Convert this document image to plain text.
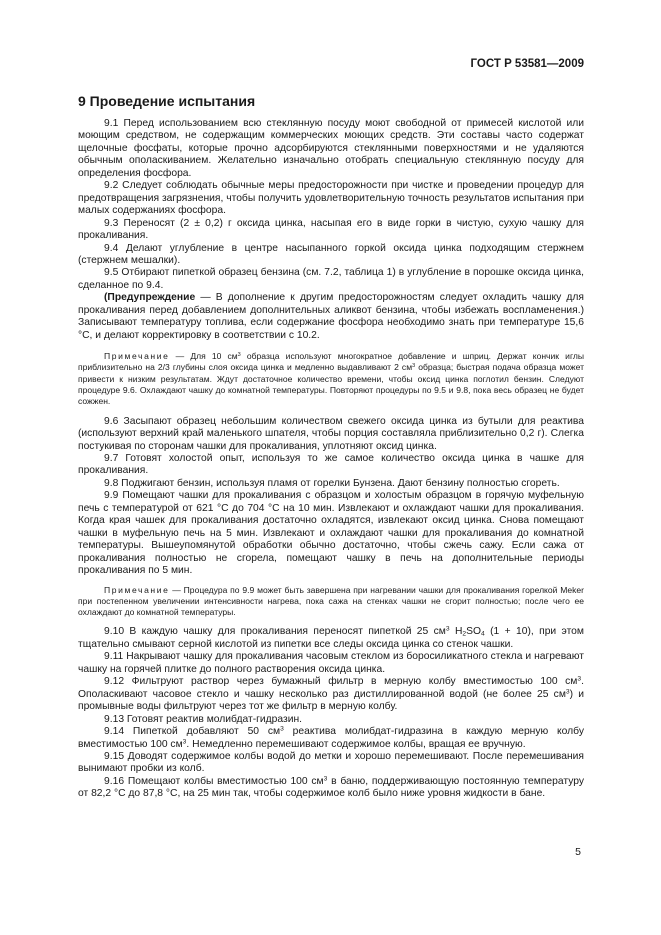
ГОСТ Р 53581—2009
9 Проведение испытания

9.1 Перед использованием всю стеклянную посуду моют свободной от примесей кислотой или моющим средством, не содержащим коммерческих моющих средств. Эти составы часто содержат щелочные фосфаты, которые прочно адсорбируются стеклянными поверхностями и не удаляются обычным ополаскиванием. Желательно изначально отобрать специальную стеклянную посуду для определения фосфора.

9.2 Следует соблюдать обычные меры предосторожности при чистке и проведении процедур для предотвращения загрязнения, чтобы получить удовлетворительную точность результатов испытания при малых содержаниях фосфора.

9.3 Переносят (2 ± 0,2) г оксида цинка, насыпая его в виде горки в чистую, сухую чашку для прокаливания.

9.4 Делают углубление в центре насыпанного горкой оксида цинка подходящим стержнем (стержнем мешалки).

9.5 Отбирают пипеткой образец бензина (см. 7.2, таблица 1) в углубление в порошке оксида цинка, сделанное по 9.4.

(Предупреждение — В дополнение к другим предосторожностям следует охладить чашку для прокаливания перед добавлением дополнительных аликвот бензина, чтобы избежать воспламенения.) Записывают температуру топлива, если содержание фосфора необходимо знать при температуре 15,6 °С, и делают корректировку в соответствии с 10.2.

Примечание — Для 10 $см^3$ образца используют многократное добавление и шприц. Держат кончик иглы приблизительно на 2/3 глубины слоя оксида цинка и медленно выдавливают 2 $см^3$ образца; быстрая подача образца может привести к низким результатам. Ждут достаточное количество времени, чтобы оксид цинка поглотил бензин. Следуют процедуре 9.6. Охлаждают чашку до комнатной температуры. Повторяют процедуры по 9.5 и 9.8, пока весь образец не будет сожжен.

9.6 Засыпают образец небольшим количеством свежего оксида цинка из бутыли для реактива (используют верхний край маленького шпателя, чтобы порция составляла приблизительно 0,2 г). Слегка постукивая по сторонам чашки для прокаливания, уплотняют оксид цинка.

9.7 Готовят холостой опыт, используя то же самое количество оксида цинка в чашке для прокаливания.

9.8 Поджигают бензин, используя пламя от горелки Бунзена. Дают бензину полностью сгореть.

9.9 Помещают чашки для прокаливания с образцом и холостым образцом в горячую муфельную печь с температурой от 621 °С до 704 °С на 10 мин. Извлекают и охлаждают чашки для прокаливания. Когда края чашек для прокаливания достаточно охладятся, извлекают оксид цинка. Снова помещают чашки в муфельную печь на 5 мин. Извлекают и охлаждают чашки для прокаливания до комнатной температуры. Вышеупомянутой обработки обычно достаточно, чтобы сжечь сажу. Если сажа от прокаливания полностью не сгорела, помещают чашку в печь на дополнительные периоды прокаливания по 5 мин.

Примечание — Процедура по 9.9 может быть завершена при нагревании чашки для прокаливания горелкой Meker при постепенном увеличении интенсивности нагрева, пока сажа на стенках чашки не сгорит полностью; после чего ее охлаждают до комнатной температуры.

9.10 В каждую чашку для прокаливания переносят пипеткой 25 $см^3$ $H_2SO_4$ (1 + 10), при этом тщательно смывают серной кислотой из пипетки все следы оксида цинка со стенок чашки.

9.11 Накрывают чашку для прокаливания часовым стеклом из боросиликатного стекла и нагревают чашку на горячей плитке до полного растворения оксида цинка.

9.12 Фильтруют раствор через бумажный фильтр в мерную колбу вместимостью 100 $см^3$. Ополаскивают часовое стекло и чашку несколько раз дистиллированной водой (не более 25 $см^3$) и промывные воды фильтруют через тот же фильтр в мерную колбу.

9.13 Готовят реактив молибдат-гидразин.

9.14 Пипеткой добавляют 50 $см^3$ реактива молибдат-гидразина в каждую мерную колбу вместимостью 100 $см^3$. Немедленно перемешивают содержимое колбы, вращая ее вручную.

9.15 Доводят содержимое колбы водой до метки и хорошо перемешивают. После перемешивания вынимают пробки из колб.

9.16 Помещают колбы вместимостью 100 $см^3$ в баню, поддерживающую постоянную температуру от 82,2 °С до 87,8 °С, на 25 мин так, чтобы содержимое колб было ниже уровня жидкости в бане.

5
